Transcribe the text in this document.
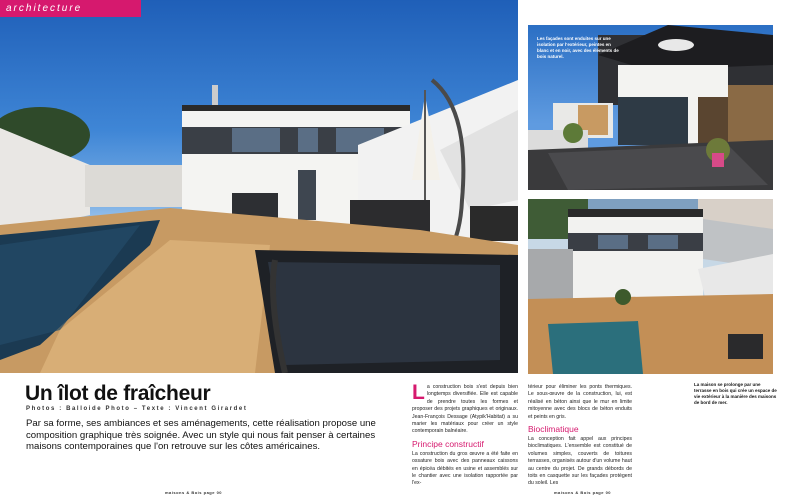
architecture
Les façades sont enduites sur une isolation par l'extérieur, peintes en blanc et en noir, avec des éléments de bois naturel.
Un îlot de fraîcheur
Photos : Balloide Photo – Texte : Vincent Girardet
Par sa forme, ses ambiances et ses aménagements, cette réalisation propose une composition graphique très soignée. Avec un style qui nous fait penser à certaines maisons contemporaines que l'on retrouve sur les côtes américaines.
L a construction bois s'est depuis bien longtemps diversifiée. Elle est capable de prendre toutes les formes et proposer des projets graphiques et originaux. Jean-François Dessage (Atypik'Habitat) a su marier les matériaux pour créer un style contemporain balnéaire.
Principe constructif
La construction du gros œuvre a été faite en ossature bois avec des panneaux caissons en épicéa débités en usine et assemblés sur le chantier avec une isolation rapportée par l'ex-
térieur pour éliminer les ponts thermiques. Le sous-œuvre de la construction, lui, est réalisé en béton ainsi que le mur en limite mitoyenne avec des blocs de béton enduits et peints en gris.
Bioclimatique
La conception fait appel aux principes bioclimatiques. L'ensemble est constitué de volumes simples, couverts de toitures terrasses, organisés autour d'un volume haut au centre du projet. De grands débords de toits en casquette sur les façades protègent du soleil. Les
La maison se prolonge par une terrasse en bois qui crée un espace de vie extérieur à la manière des maisons de bord de mer.
maisons & Bois page 00	maisons & Bois page 00
